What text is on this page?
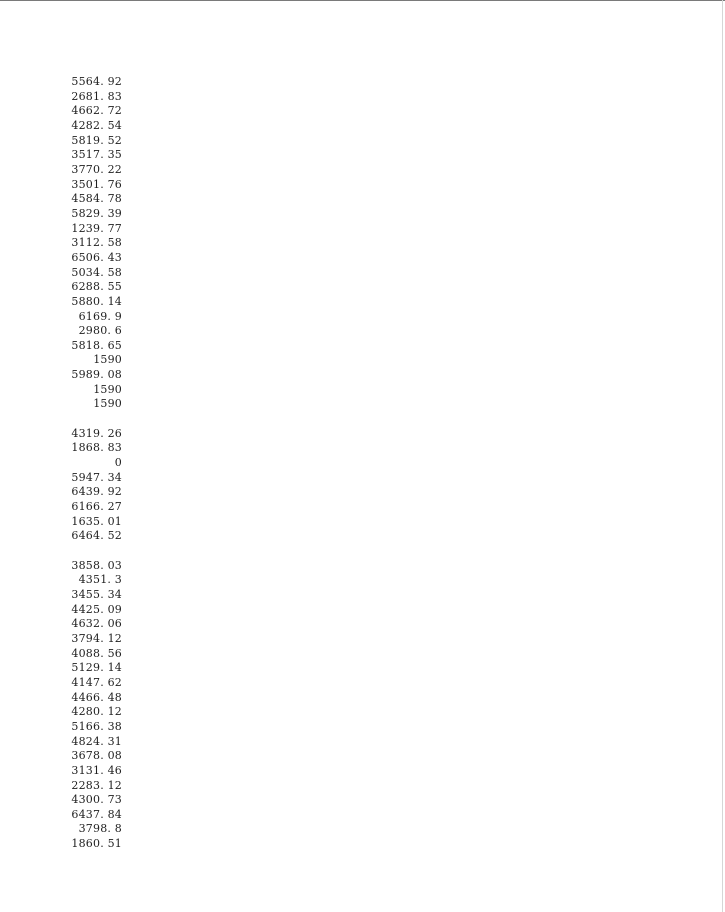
5564. 92
2681. 83
4662. 72
4282. 54
5819. 52
3517. 35
3770. 22
3501. 76
4584. 78
5829. 39
1239. 77
3112. 58
6506. 43
5034. 58
6288. 55
5880. 14
6169. 9
2980. 6
5818. 65
1590
5989. 08
1590
1590
4319. 26
1868. 83
0
5947. 34
6439. 92
6166. 27
1635. 01
6464. 52
3858. 03
4351. 3
3455. 34
4425. 09
4632. 06
3794. 12
4088. 56
5129. 14
4147. 62
4466. 48
4280. 12
5166. 38
4824. 31
3678. 08
3131. 46
2283. 12
4300. 73
6437. 84
3798. 8
1860. 51
